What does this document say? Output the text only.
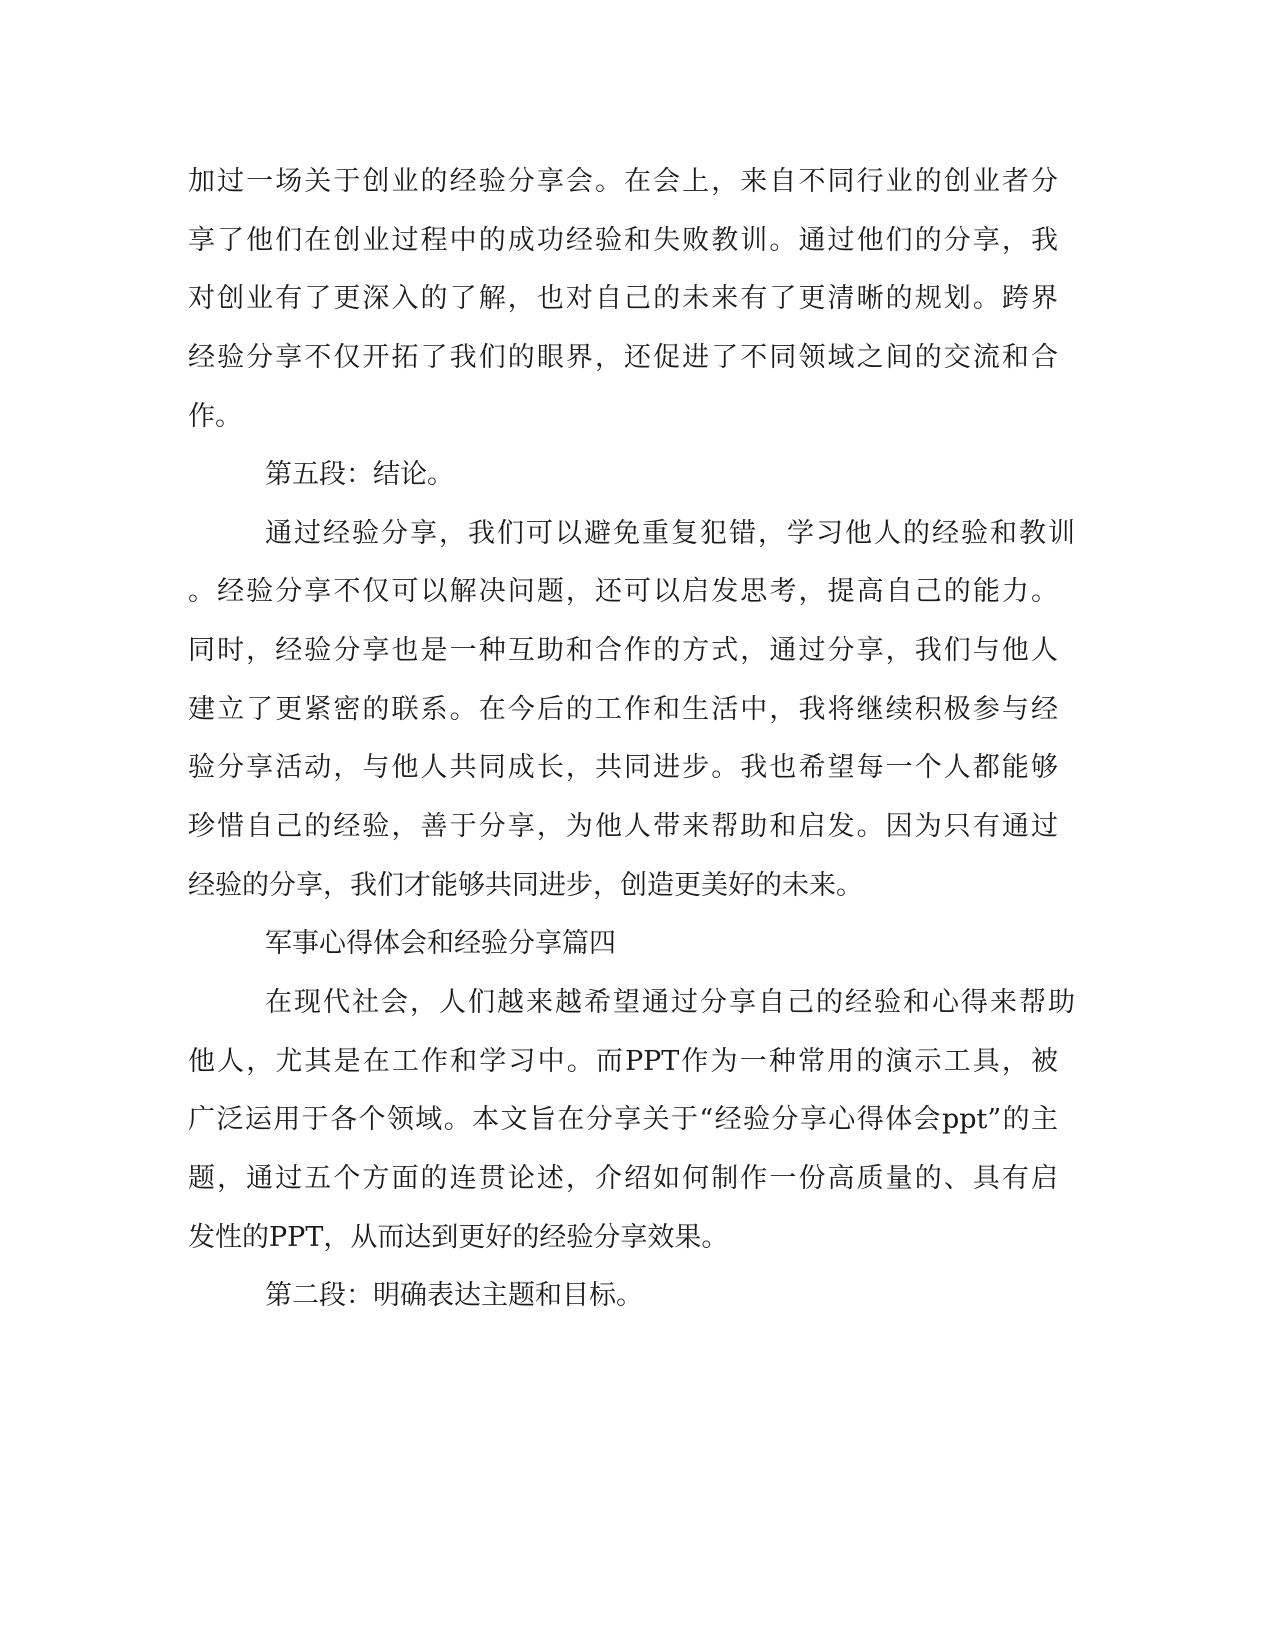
加过一场关于创业的经验分享会。在会上，来自不同行业的创业者分
享了他们在创业过程中的成功经验和失败教训。通过他们的分享，我
对创业有了更深入的了解，也对自己的未来有了更清晰的规划。跨界
经验分享不仅开拓了我们的眼界，还促进了不同领域之间的交流和合
作。
第五段：结论。
通过经验分享，我们可以避免重复犯错，学习他人的经验和教训
。经验分享不仅可以解决问题，还可以启发思考，提高自己的能力。
同时，经验分享也是一种互助和合作的方式，通过分享，我们与他人
建立了更紧密的联系。在今后的工作和生活中，我将继续积极参与经
验分享活动，与他人共同成长，共同进步。我也希望每一个人都能够
珍惜自己的经验，善于分享，为他人带来帮助和启发。因为只有通过
经验的分享，我们才能够共同进步，创造更美好的未来。
军事心得体会和经验分享篇四
在现代社会，人们越来越希望通过分享自己的经验和心得来帮助
他人，尤其是在工作和学习中。而PPT作为一种常用的演示工具，被
广泛运用于各个领域。本文旨在分享关于“经验分享心得体会ppt”的主
题，通过五个方面的连贯论述，介绍如何制作一份高质量的、具有启
发性的PPT，从而达到更好的经验分享效果。
第二段：明确表达主题和目标。
